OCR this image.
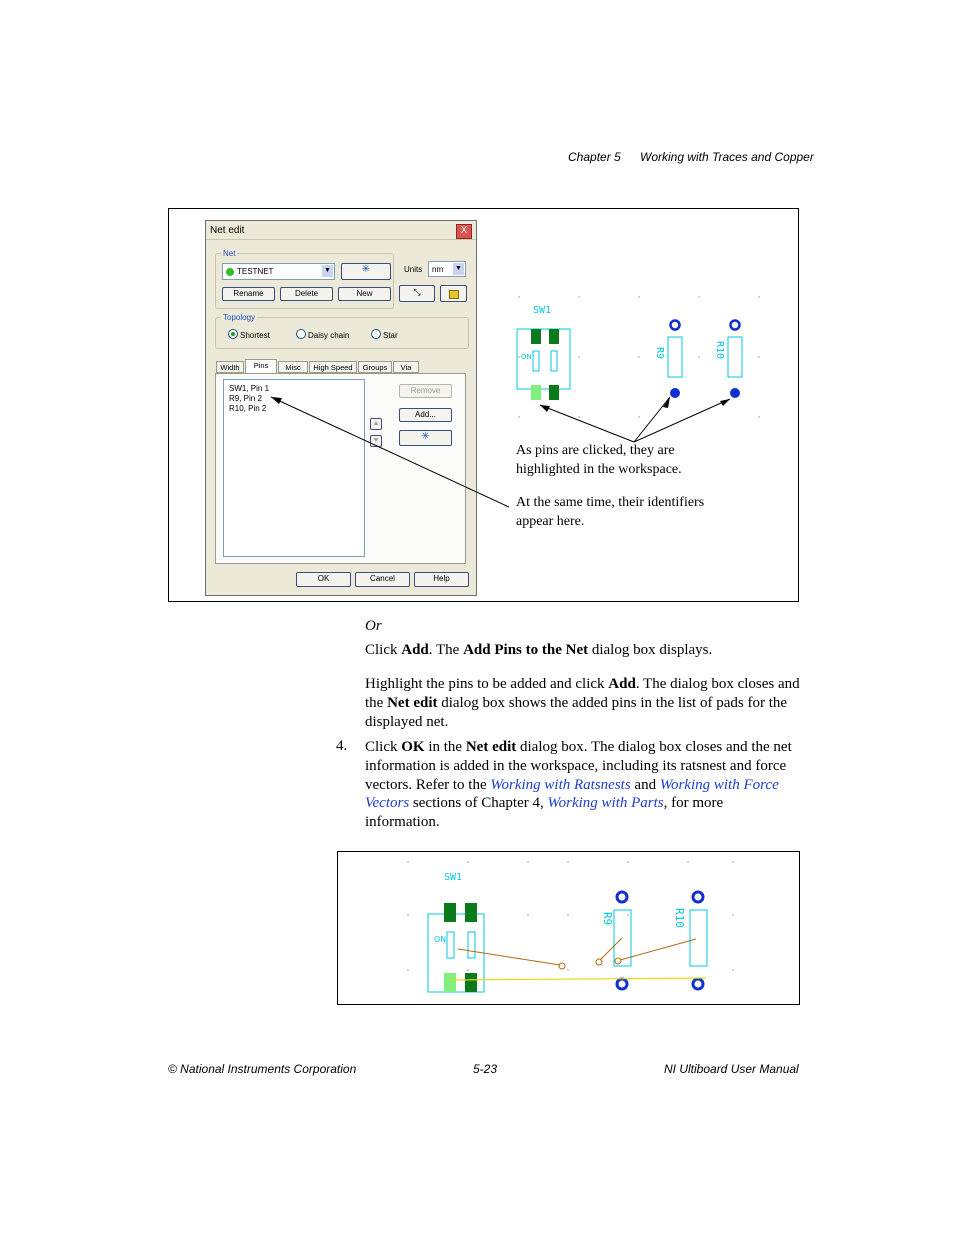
Chapter 5 Working with Traces and Copper
Net edit	X
Net
TESTNET	▼	✳	Units	nm ▼
Rename	Delete	New	⤡
Topology
Shortest	Daisy chain	Star
Width	Pins	Misc	High Speed	Groups	Via
SW1, Pin 1
R9, Pin 2
R10, Pin 2
▲
▼
Remove
Add...
✳
OK	Cancel	Help
SW1
ON	R9	R10
As pins are clicked, they are highlighted in the workspace.
At the same time, their identifiers appear here.
Or
Click Add. The Add Pins to the Net dialog box displays.
Highlight the pins to be added and click Add. The dialog box closes and the Net edit dialog box shows the added pins in the list of pads for the displayed net.
4. Click OK in the Net edit dialog box. The dialog box closes and the net information is added in the workspace, including its ratsnest and force vectors. Refer to the Working with Ratsnests and Working with Force Vectors sections of Chapter 4, Working with Parts, for more information.
SW1
ON
R9	R10
© National Instruments Corporation	5-23	NI Ultiboard User Manual
